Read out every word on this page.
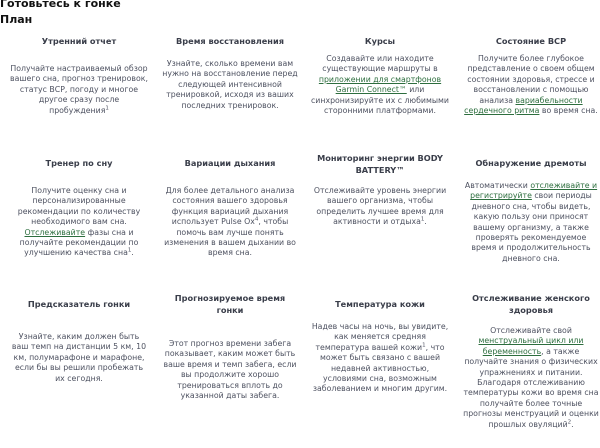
Готовьтесь к гонке
План
Утренний отчет
Получайте настраиваемый обзор вашего сна, прогноз тренировок, статус ВСР, погоду и многое другое сразу после пробуждения$^1$
Время восстановления
Узнайте, сколько времени вам нужно на восстановление перед следующей интенсивной тренировкой, исходя из ваших последних тренировок.
Курсы
Создавайте или находите существующие маршруты в приложении для смартфонов Garmin Connect™ или синхронизируйте их с любимыми сторонними платформами.
Состояние ВСР
Получите более глубокое представление о своем общем состоянии здоровья, стрессе и восстановлении с помощью анализа вариабельности сердечного ритма во время сна.
Тренер по сну
Получите оценку сна и персонализированные рекомендации по количеству необходимого вам сна. Отслеживайте фазы сна и получайте рекомендации по улучшению качества сна$^1$.
Вариации дыхания
Для более детального анализа состояния вашего здоровья функция вариаций дыхания использует Pulse Ox$^4$, чтобы помочь вам лучше понять изменения в вашем дыхании во время сна.
Мониторинг энергии BODY BATTERY™
Отслеживайте уровень энергии вашего организма, чтобы определить лучшее время для активности и отдыха$^1$.
Обнаружение дремоты
Автоматически отслеживайте и регистрируйте свои периоды дневного сна, чтобы видеть, какую пользу они приносят вашему организму, а также проверять рекомендуемое время и продолжительность дневного сна.
Предсказатель гонки
Узнайте, каким должен быть ваш темп на дистанции 5 км, 10 км, полумарафоне и марафоне, если бы вы решили пробежать их сегодня.
Прогнозируемое время гонки
Этот прогноз времени забега показывает, каким может быть ваше время и темп забега, если вы продолжите хорошо тренироваться вплоть до указанной даты забега.
Температура кожи
Надев часы на ночь, вы увидите, как меняется средняя температура вашей кожи$^1$, что может быть связано с вашей недавней активностью, условиями сна, возможным заболеванием и многим другим.
Отслеживание женского здоровья
Отслеживайте свой менструальный цикл или беременность, а также получайте знания о физических упражнениях и питании. Благодаря отслеживанию температуры кожи во время сна получайте более точные прогнозы менструаций и оценки прошлых овуляций$^2$.
